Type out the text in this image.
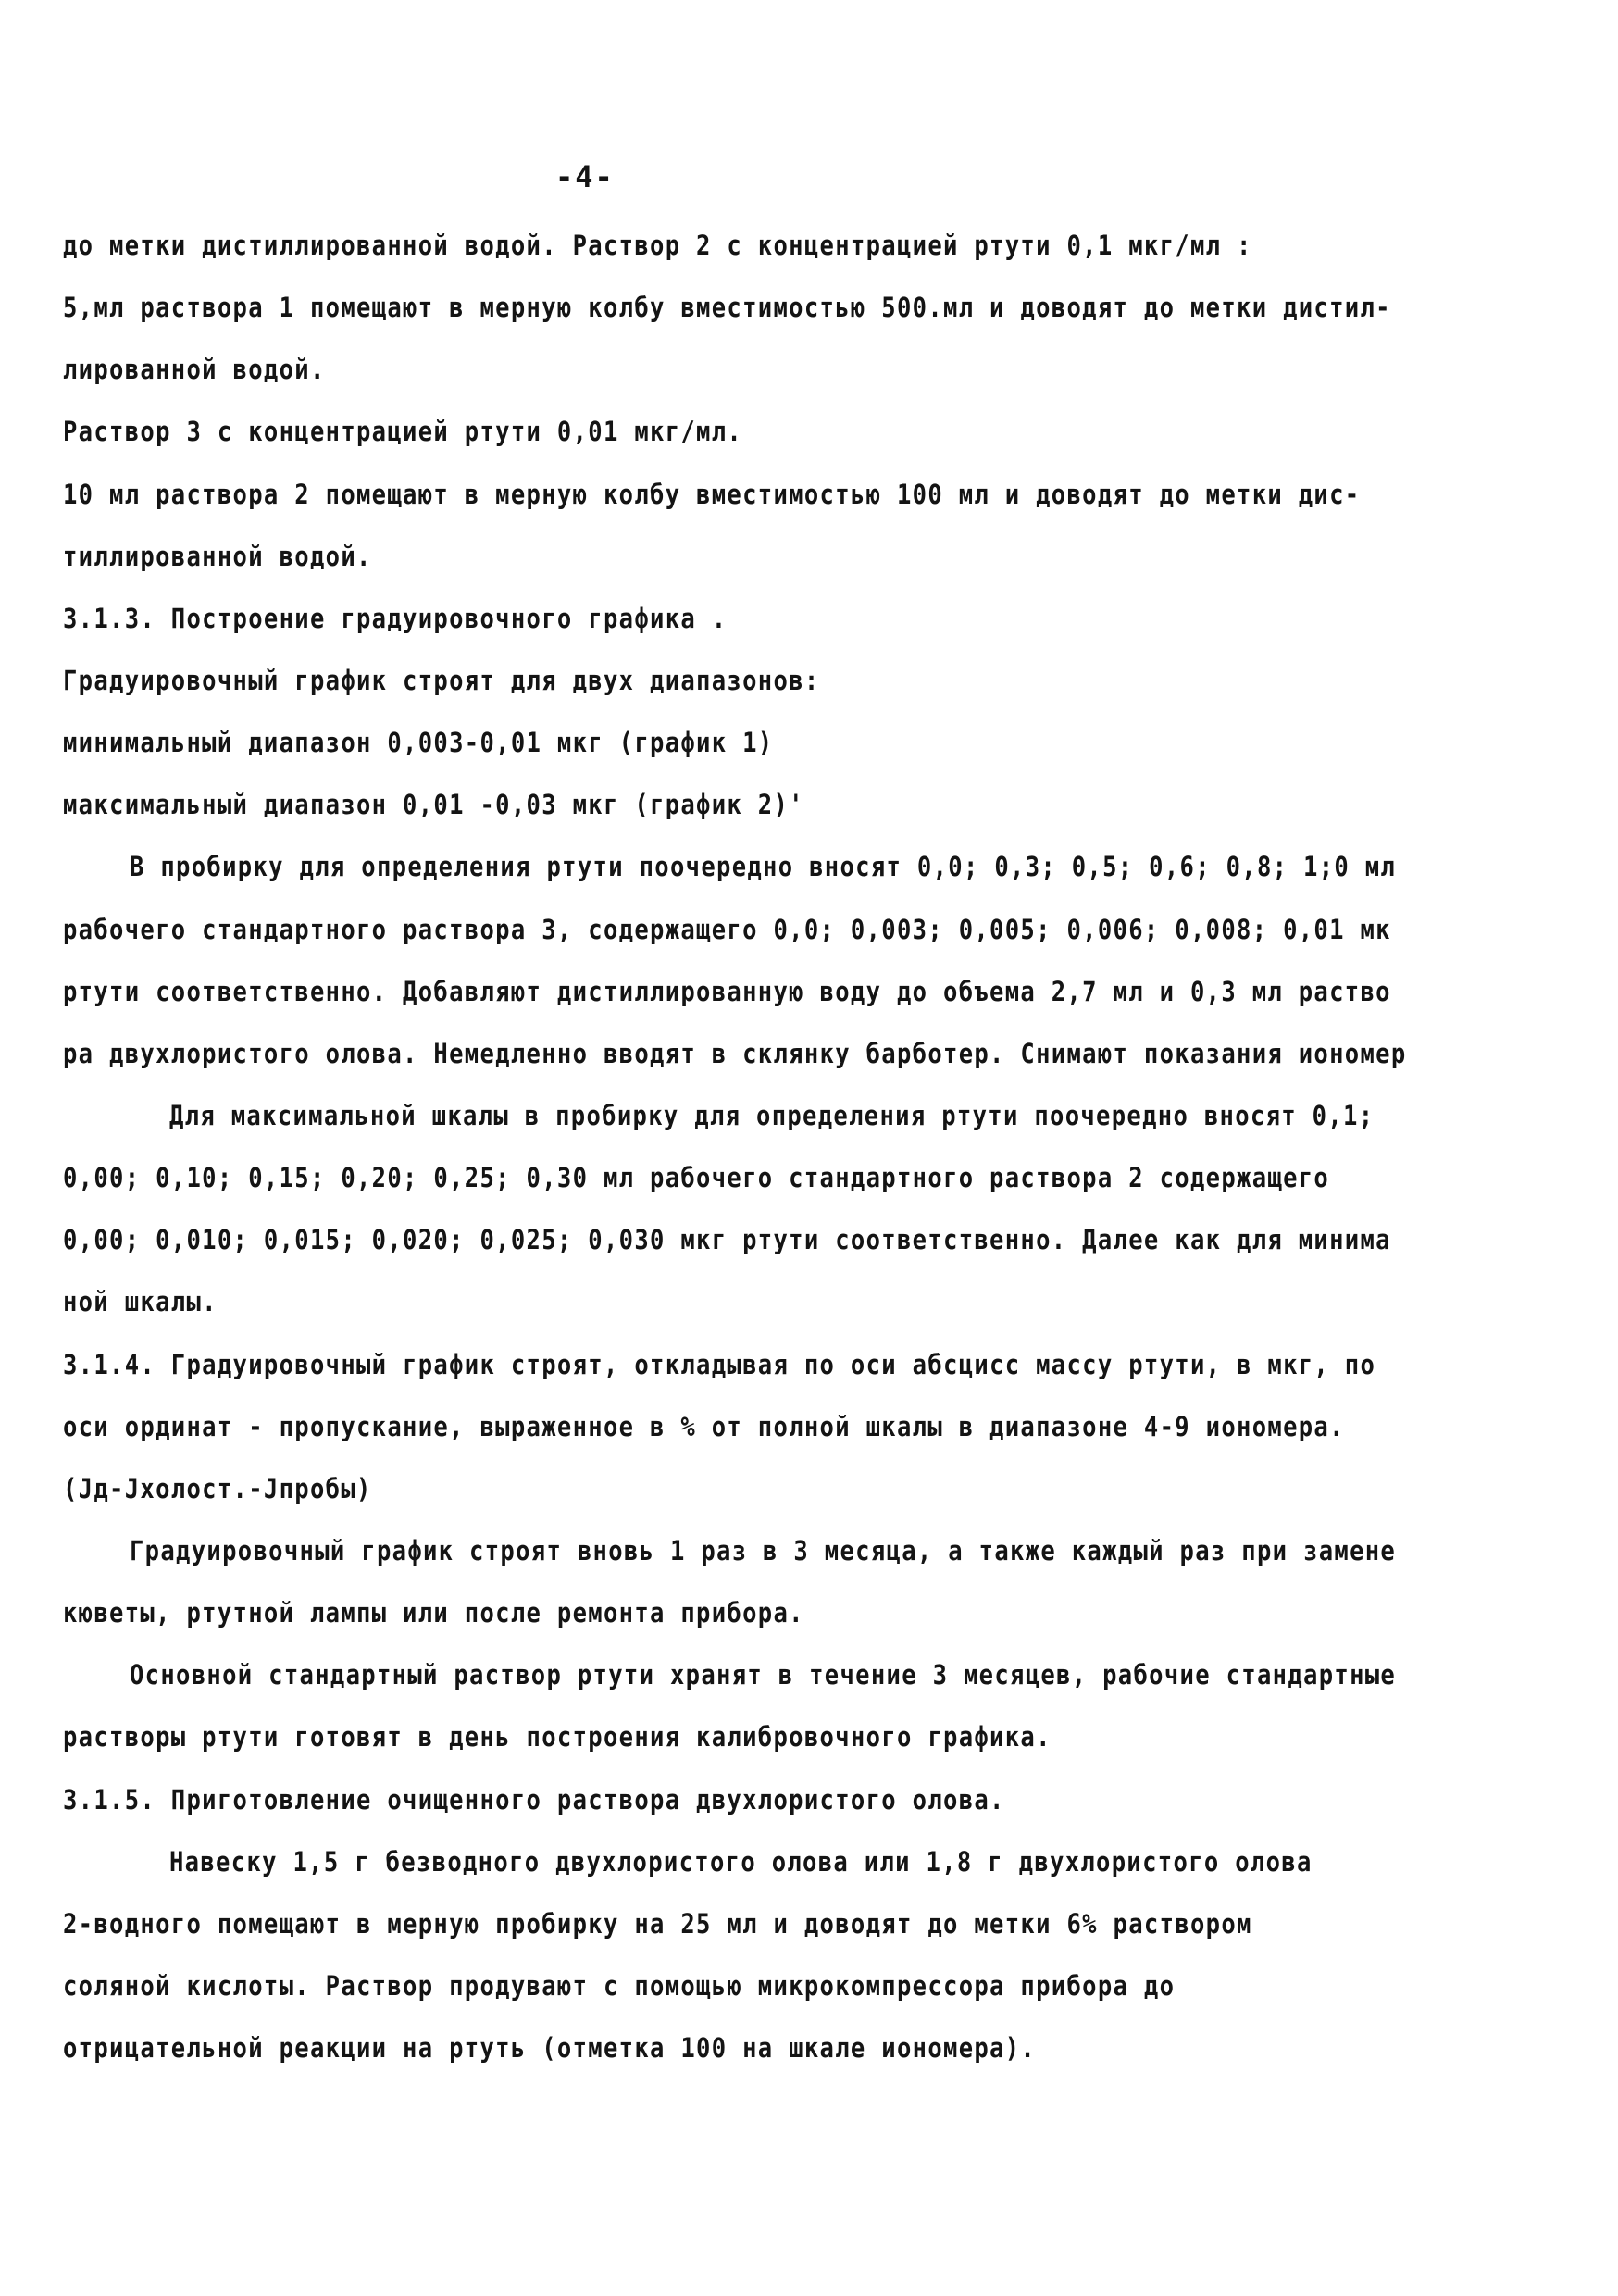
-4-
до метки дистиллированной водой. Раствор 2 с концентрацией ртути 0,1 мкг/мл :
5,мл раствора 1 помещают в мерную колбу вместимостью 500.мл и доводят до метки дистил-
лированной водой.
Раствор 3 с концентрацией ртути 0,01 мкг/мл.
10 мл раствора 2 помещают в мерную колбу вместимостью 100 мл и доводят до метки дис-
тиллированной водой.
3.1.3. Построение градуировочного графика .
Градуировочный график строят для двух диапазонов:
минимальный диапазон 0,003-0,01 мкг (график 1)
максимальный диапазон 0,01 -0,03 мкг (график 2)'
В пробирку для определения ртути поочередно вносят 0,0; 0,3; 0,5; 0,6; 0,8; 1;0 мл
рабочего стандартного раствора 3, содержащего 0,0; 0,003; 0,005; 0,006; 0,008; 0,01 мк
ртути соответственно. Добавляют дистиллированную воду до объема 2,7 мл и 0,3 мл раство
ра двухлористого олова. Немедленно вводят в склянку барботер. Снимают показания иономер
Для максимальной шкалы в пробирку для определения ртути поочередно вносят 0,1;
0,00; 0,10; 0,15; 0,20; 0,25; 0,30 мл рабочего стандартного раствора 2 содержащего
0,00; 0,010; 0,015; 0,020; 0,025; 0,030 мкг ртути соответственно. Далее как для минима
ной шкалы.
3.1.4. Градуировочный график строят, откладывая по оси абсцисс массу ртути, в мкг, по
оси ординат - пропускание, выраженное в % от полной шкалы в диапазоне 4-9 иономера.
(Jд-Jхолост.-Jпробы)
Градуировочный график строят вновь 1 раз в 3 месяца, а также каждый раз при замене
кюветы, ртутной лампы или после ремонта прибора.
Основной стандартный раствор ртути хранят в течение 3 месяцев, рабочие стандартные
растворы ртути готовят в день построения калибровочного графика.
3.1.5. Приготовление очищенного раствора двухлористого олова.
Навеску 1,5 г безводного двухлористого олова или 1,8 г двухлористого олова
2-водного помещают в мерную пробирку на 25 мл и доводят до метки 6% раствором
соляной кислоты. Раствор продувают с помощью микрокомпрессора прибора до
отрицательной реакции на ртуть (отметка 100 на шкале иономера).
